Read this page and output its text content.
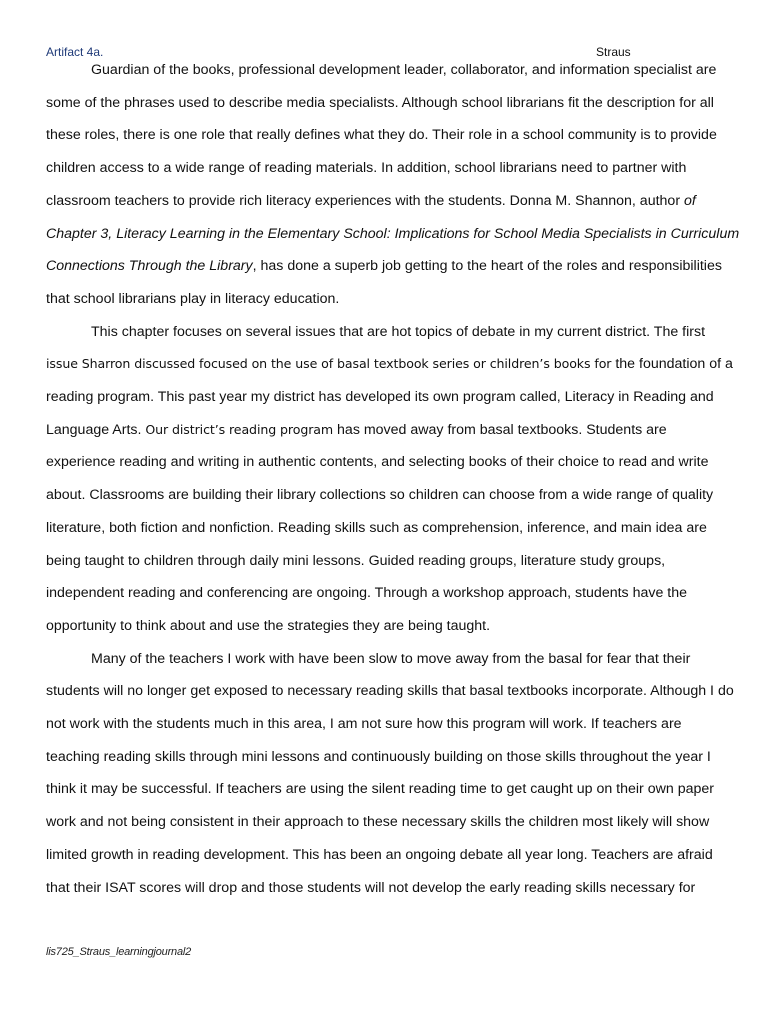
Artifact 4a.	Straus

Guardian of the books, professional development leader, collaborator, and information specialist are
some of the phrases used to describe media specialists. Although school librarians fit the description for all
these roles, there is one role that really defines what they do. Their role in a school community is to provide
children access to a wide range of reading materials. In addition, school librarians need to partner with
classroom teachers to provide rich literacy experiences with the students. Donna M. Shannon, author of
Chapter 3, Literacy Learning in the Elementary School: Implications for School Media Specialists in Curriculum
Connections Through the Library, has done a superb job getting to the heart of the roles and responsibilities
that school librarians play in literacy education.

This chapter focuses on several issues that are hot topics of debate in my current district. The first
issue Sharron discussed focused on the use of basal textbook series or children’s books for the foundation of a
reading program. This past year my district has developed its own program called, Literacy in Reading and
Language Arts. Our district’s reading program has moved away from basal textbooks. Students are
experience reading and writing in authentic contents, and selecting books of their choice to read and write
about. Classrooms are building their library collections so children can choose from a wide range of quality
literature, both fiction and nonfiction. Reading skills such as comprehension, inference, and main idea are
being taught to children through daily mini lessons. Guided reading groups, literature study groups,
independent reading and conferencing are ongoing. Through a workshop approach, students have the
opportunity to think about and use the strategies they are being taught.

Many of the teachers I work with have been slow to move away from the basal for fear that their
students will no longer get exposed to necessary reading skills that basal textbooks incorporate. Although I do
not work with the students much in this area, I am not sure how this program will work. If teachers are
teaching reading skills through mini lessons and continuously building on those skills throughout the year I
think it may be successful. If teachers are using the silent reading time to get caught up on their own paper
work and not being consistent in their approach to these necessary skills the children most likely will show
limited growth in reading development. This has been an ongoing debate all year long. Teachers are afraid
that their ISAT scores will drop and those students will not develop the early reading skills necessary for

lis725_Straus_learningjournal2
